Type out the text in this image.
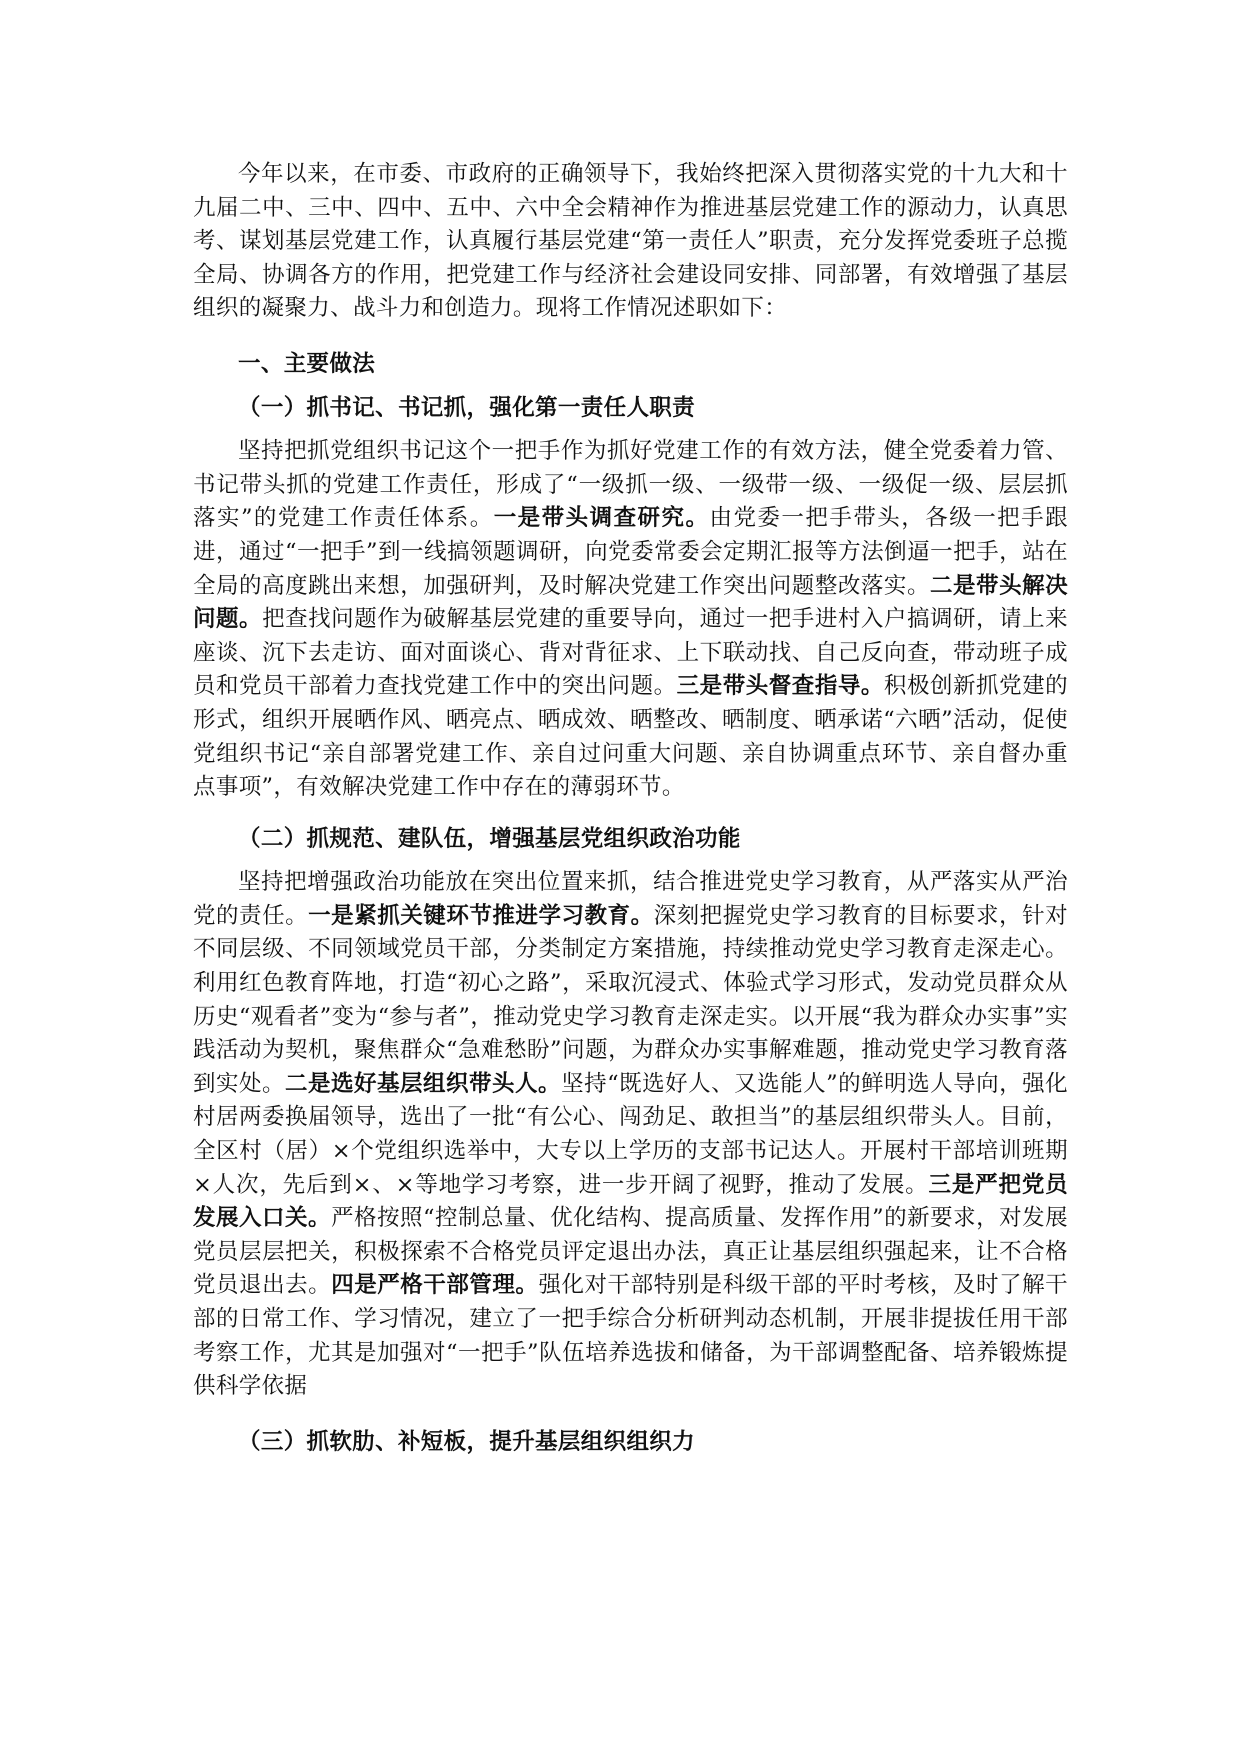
今年以来，在市委、市政府的正确领导下，我始终把深入贯彻落实党的十九大和十九届二中、三中、四中、五中、六中全会精神作为推进基层党建工作的源动力，认真思考、谋划基层党建工作，认真履行基层党建“第一责任人”职责，充分发挥党委班子总揽全局、协调各方的作用，把党建工作与经济社会建设同安排、同部署，有效增强了基层组织的凝聚力、战斗力和创造力。现将工作情况述职如下：

一、主要做法
（一）抓书记、书记抓，强化第一责任人职责

坚持把抓党组织书记这个一把手作为抓好党建工作的有效方法，健全党委着力管、书记带头抓的党建工作责任，形成了“一级抓一级、一级带一级、一级促一级、层层抓落实”的党建工作责任体系。一是带头调查研究。由党委一把手带头，各级一把手跟进，通过“一把手”到一线搞领题调研，向党委常委会定期汇报等方法倒逼一把手，站在全局的高度跳出来想，加强研判，及时解决党建工作突出问题整改落实。二是带头解决问题。把查找问题作为破解基层党建的重要导向，通过一把手进村入户搞调研，请上来座谈、沉下去走访、面对面谈心、背对背征求、上下联动找、自己反向查，带动班子成员和党员干部着力查找党建工作中的突出问题。三是带头督查指导。积极创新抓党建的形式，组织开展晒作风、晒亮点、晒成效、晒整改、晒制度、晒承诺“六晒”活动，促使党组织书记“亲自部署党建工作、亲自过问重大问题、亲自协调重点环节、亲自督办重点事项”，有效解决党建工作中存在的薄弱环节。

（二）抓规范、建队伍，增强基层党组织政治功能

坚持把增强政治功能放在突出位置来抓，结合推进党史学习教育，从严落实从严治党的责任。一是紧抓关键环节推进学习教育。深刻把握党史学习教育的目标要求，针对不同层级、不同领域党员干部，分类制定方案措施，持续推动党史学习教育走深走心。利用红色教育阵地，打造“初心之路”，采取沉浸式、体验式学习形式，发动党员群众从历史“观看者”变为“参与者”，推动党史学习教育走深走实。以开展“我为群众办实事”实践活动为契机，聚焦群众“急难愁盼”问题，为群众办实事解难题，推动党史学习教育落到实处。二是选好基层组织带头人。坚持“既选好人、又选能人”的鲜明选人导向，强化村居两委换届领导，选出了一批“有公心、闯劲足、敢担当”的基层组织带头人。目前，全区村（居）×个党组织选举中，大专以上学历的支部书记达人。开展村干部培训班期×人次，先后到×、×等地学习考察，进一步开阔了视野，推动了发展。三是严把党员发展入口关。严格按照“控制总量、优化结构、提高质量、发挥作用”的新要求，对发展党员层层把关，积极探索不合格党员评定退出办法，真正让基层组织强起来，让不合格党员退出去。四是严格干部管理。强化对干部特别是科级干部的平时考核，及时了解干部的日常工作、学习情况，建立了一把手综合分析研判动态机制，开展非提拔任用干部考察工作，尤其是加强对“一把手”队伍培养选拔和储备，为干部调整配备、培养锻炼提供科学依据

（三）抓软肋、补短板，提升基层组织组织力
